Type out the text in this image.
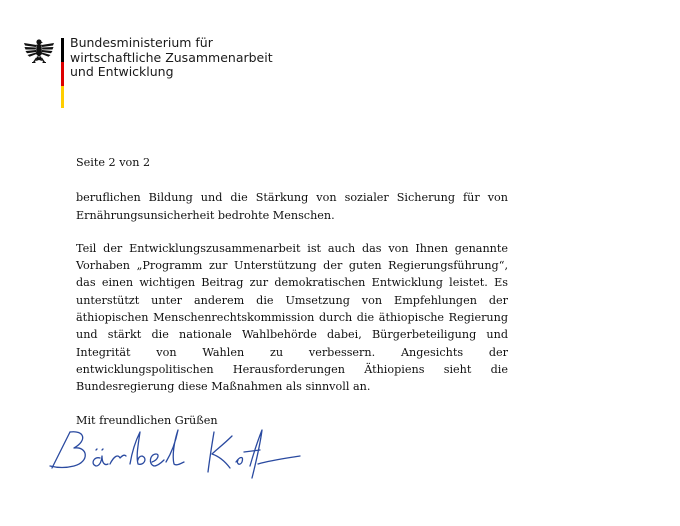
Bundesministerium für
wirtschaftliche Zusammenarbeit
und Entwicklung

Seite 2 von 2

beruflichen Bildung und die Stärkung von sozialer Sicherung für von Ernährungsunsicherheit bedrohte Menschen.

Teil der Entwicklungszusammenarbeit ist auch das von Ihnen genannte Vorhaben „Programm zur Unterstützung der guten Regierungsführung“, das einen wichtigen Beitrag zur demokratischen Entwicklung leistet. Es unterstützt unter anderem die Umsetzung von Empfehlungen der äthiopischen Menschenrechtskommission durch die äthiopische Regierung und stärkt die nationale Wahlbehörde dabei, Bürgerbeteiligung und Integrität von Wahlen zu verbessern. Angesichts der entwicklungspolitischen Herausforderungen Äthiopiens sieht die Bundesregierung diese Maßnahmen als sinnvoll an.

Mit freundlichen Grüßen
